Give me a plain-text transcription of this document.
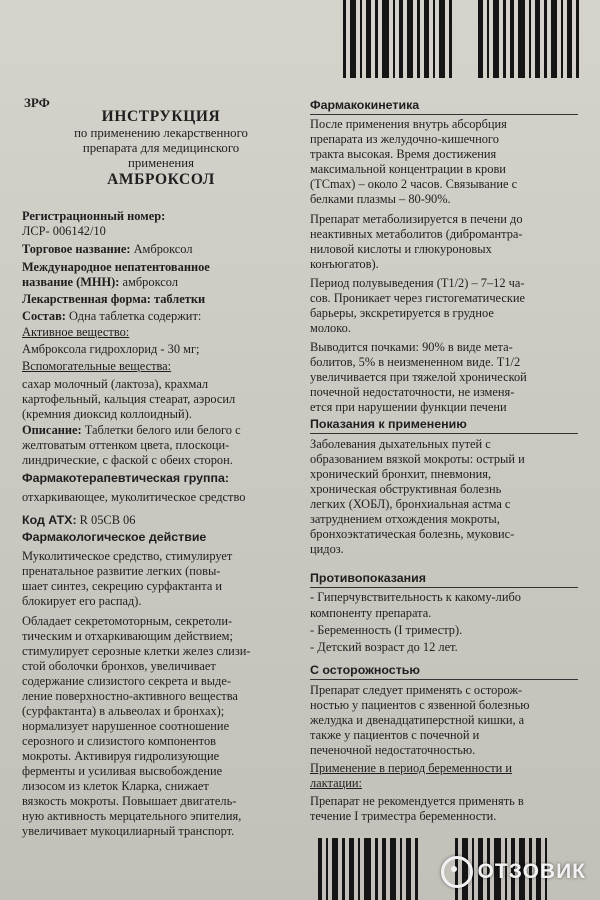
ЗРФ
ИНСТРУКЦИЯ
по применению лекарственного
препарата для медицинского
применения
АМБРОКСОЛ

Регистрационный номер:

ЛСР- 006142/10

Торговое название: Амброксол

Международное непатентованное

название (МНН): амброксол

Лекарственная форма: таблетки

Состав: Одна таблетка содержит:

Активное вещество:

Амброксола гидрохлорид - 30 мг;

Вспомогательные вещества:

сахар молочный (лактоза), крахмал

картофельный, кальция стеарат, аэросил

(кремния диоксид коллоидный).

Описание: Таблетки белого или белого с

желтоватым оттенком цвета, плоскоци-

линдрические, с фаской с обеих сторон.

Фармакотерапевтическая группа:

отхаркивающее, муколитическое средство

Код АТХ: R 05CB 06

Фармакологическое действие

Муколитическое средство, стимулирует

пренатальное развитие легких (повы-

шает синтез, секрецию сурфактанта и

блокирует его распад).

Обладает секретомоторным, секретоли-

тическим и отхаркивающим действием;

стимулирует серозные клетки желез слизи-

стой оболочки бронхов, увеличивает

содержание слизистого секрета и выде-

ление поверхностно-активного вещества

(сурфактанта) в альвеолах и бронхах);

нормализует нарушенное соотношение

серозного и слизистого компонентов

мокроты. Активируя гидролизующие

ферменты и усиливая высвобождение

лизосом из клеток Кларка, снижает

вязкость мокроты. Повышает двигатель-

ную активность мерцательного эпителия,

увеличивает мукоцилиарный транспорт.

Фармакокинетика

После применения внутрь абсорбция

препарата из желудочно-кишечного

тракта высокая. Время достижения

максимальной концентрации в крови

(TCmax) – около 2 часов. Связывание с

белками плазмы – 80-90%.

Препарат метаболизируется в печени до

неактивных метаболитов (дибромантра-

ниловой кислоты и глюкуроновых

конъюгатов).

Период полувыведения (T1/2) – 7–12 ча-

сов. Проникает через гистогематические

барьеры, экскретируется в грудное

молоко.

Выводится почками: 90% в виде мета-

болитов, 5% в неизмененном виде. T1/2

увеличивается при тяжелой хронической

почечной недостаточности, не изменя-

ется при нарушении функции печени

Показания к применению

Заболевания дыхательных путей с

образованием вязкой мокроты: острый и

хронический бронхит, пневмония,

хроническая обструктивная болезнь

легких (ХОБЛ), бронхиальная астма с

затруднением отхождения мокроты,

бронхоэктатическая болезнь, муковис-

цидоз.

Противопоказания

- Гиперчувствительность к какому-либо

компоненту препарата.

- Беременность (I триместр).

- Детский возраст до 12 лет.

С осторожностью

Препарат следует применять с осторож-

ностью у пациентов с язвенной болезнью

желудка и двенадцатиперстной кишки, а

также у пациентов с почечной и

печеночной недостаточностью.

Применение в период беременности и

лактации:

Препарат не рекомендуется применять в

течение I триместра беременности.

ОТЗОВИК
